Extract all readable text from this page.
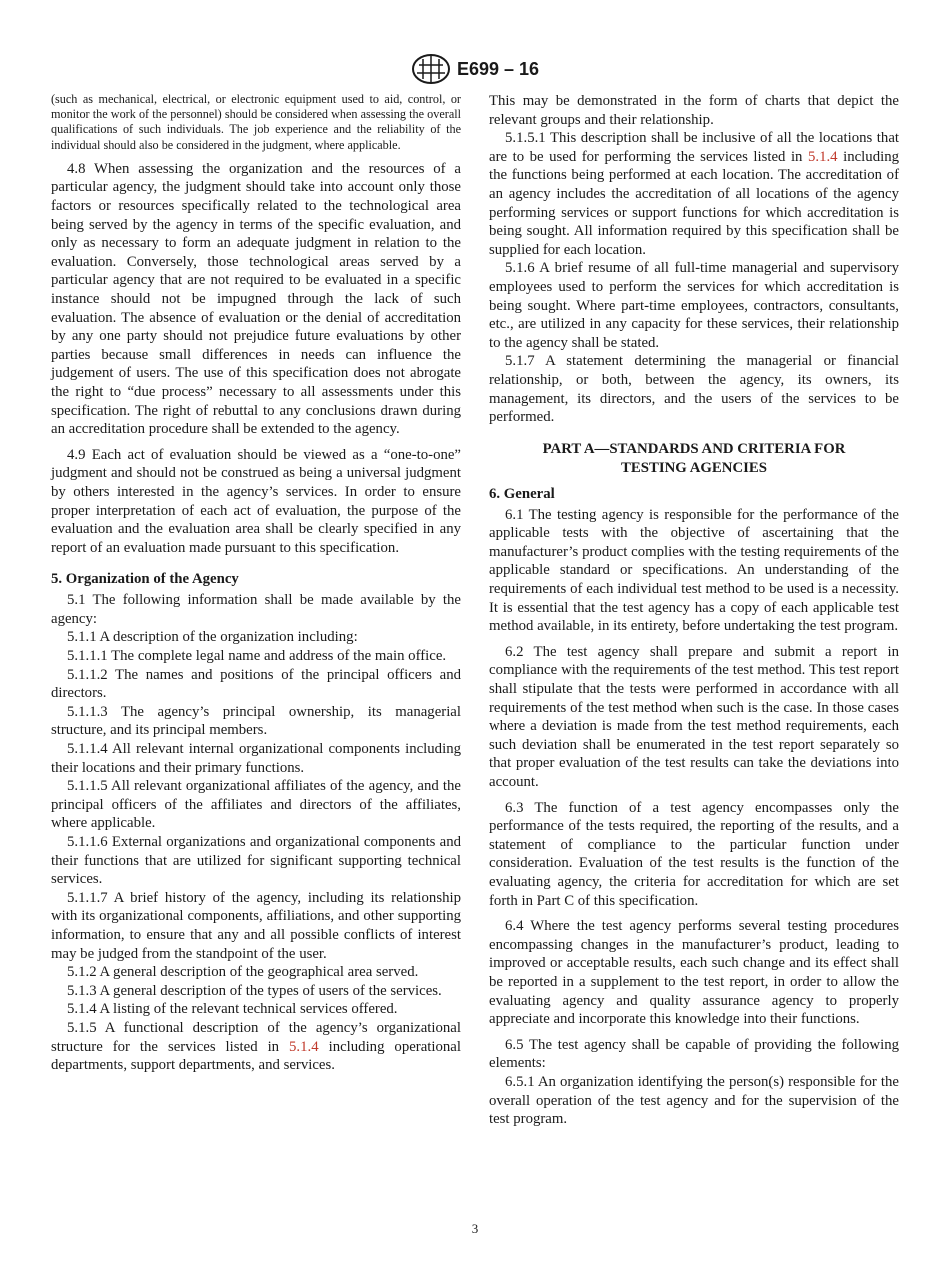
E699 – 16

(such as mechanical, electrical, or electronic equipment used to aid, control, or monitor the work of the personnel) should be considered when assessing the overall qualifications of such individuals. The job experience and the reliability of the individual should also be considered in the judgment, where applicable.

4.8 When assessing the organization and the resources of a particular agency, the judgment should take into account only those factors or resources specifically related to the technological area being served by the agency in terms of the specific evaluation, and only as necessary to form an adequate judgment in relation to the evaluation. Conversely, those technological areas served by a particular agency that are not required to be evaluated in a specific instance should not be impugned through the lack of such evaluation. The absence of evaluation or the denial of accreditation by any one party should not prejudice future evaluations by other parties because small differences in needs can influence the judgement of users. The use of this specification does not abrogate the right to “due process” necessary to all assessments under this specification. The right of rebuttal to any conclusions drawn during an accreditation procedure shall be extended to the agency.

4.9 Each act of evaluation should be viewed as a “one-to-one” judgment and should not be construed as being a universal judgment by others interested in the agency’s services. In order to ensure proper interpretation of each act of evaluation, the purpose of the evaluation and the evaluation area shall be clearly specified in any report of an evaluation made pursuant to this specification.

5. Organization of the Agency

5.1 The following information shall be made available by the agency:

5.1.1 A description of the organization including:

5.1.1.1 The complete legal name and address of the main office.

5.1.1.2 The names and positions of the principal officers and directors.

5.1.1.3 The agency’s principal ownership, its managerial structure, and its principal members.

5.1.1.4 All relevant internal organizational components including their locations and their primary functions.

5.1.1.5 All relevant organizational affiliates of the agency, and the principal officers of the affiliates and directors of the affiliates, where applicable.

5.1.1.6 External organizations and organizational components and their functions that are utilized for significant supporting technical services.

5.1.1.7 A brief history of the agency, including its relationship with its organizational components, affiliations, and other supporting information, to ensure that any and all possible conflicts of interest may be judged from the standpoint of the user.

5.1.2 A general description of the geographical area served.

5.1.3 A general description of the types of users of the services.

5.1.4 A listing of the relevant technical services offered.

5.1.5 A functional description of the agency’s organizational structure for the services listed in 5.1.4 including operational departments, support departments, and services.

This may be demonstrated in the form of charts that depict the relevant groups and their relationship.

5.1.5.1 This description shall be inclusive of all the locations that are to be used for performing the services listed in 5.1.4 including the functions being performed at each location. The accreditation of an agency includes the accreditation of all locations of the agency performing services or support functions for which accreditation is being sought. All information required by this specification shall be supplied for each location.

5.1.6 A brief resume of all full-time managerial and supervisory employees used to perform the services for which accreditation is being sought. Where part-time employees, contractors, consultants, etc., are utilized in any capacity for these services, their relationship to the agency shall be stated.

5.1.7 A statement determining the managerial or financial relationship, or both, between the agency, its owners, its management, its directors, and the users of the services to be performed.

PART A—STANDARDS AND CRITERIA FOR
TESTING AGENCIES
6. General

6.1 The testing agency is responsible for the performance of the applicable tests with the objective of ascertaining that the manufacturer’s product complies with the testing requirements of the applicable standard or specifications. An understanding of the requirements of each individual test method to be used is a necessity. It is essential that the test agency has a copy of each applicable test method available, in its entirety, before undertaking the test program.

6.2 The test agency shall prepare and submit a report in compliance with the requirements of the test method. This test report shall stipulate that the tests were performed in accordance with all requirements of the test method when such is the case. In those cases where a deviation is made from the test method requirements, each such deviation shall be enumerated in the test report separately so that proper evaluation of the test results can take the deviations into account.

6.3 The function of a test agency encompasses only the performance of the tests required, the reporting of the results, and a statement of compliance to the particular function under consideration. Evaluation of the test results is the function of the evaluating agency, the criteria for accreditation for which are set forth in Part C of this specification.

6.4 Where the test agency performs several testing procedures encompassing changes in the manufacturer’s product, leading to improved or acceptable results, each such change and its effect shall be reported in a supplement to the test report, in order to allow the evaluating agency and quality assurance agency to properly appreciate and incorporate this knowledge into their functions.

6.5 The test agency shall be capable of providing the following elements:

6.5.1 An organization identifying the person(s) responsible for the overall operation of the test agency and for the supervision of the test program.

3
